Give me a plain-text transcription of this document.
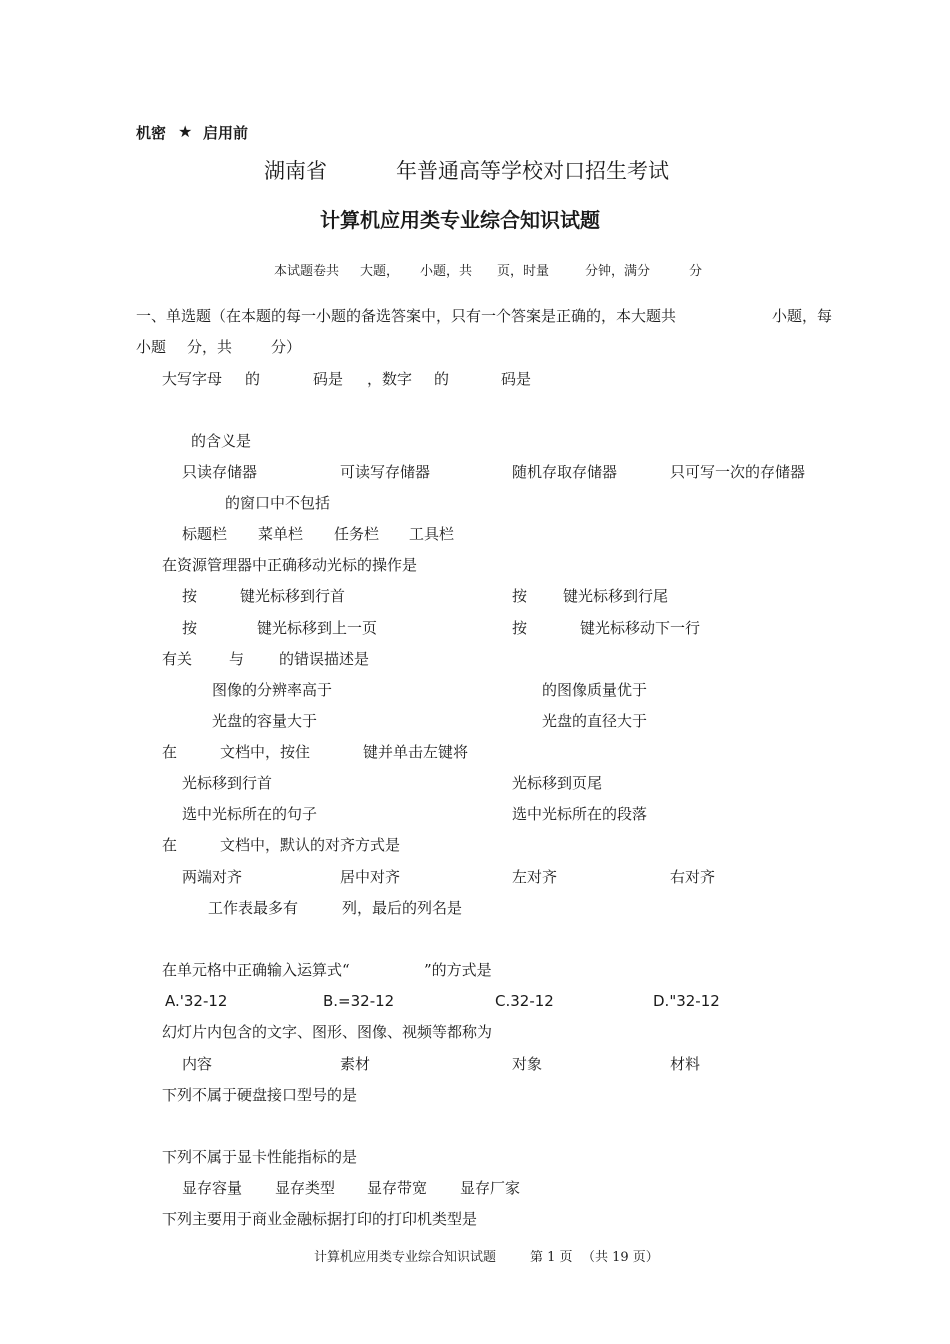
机密 ★ 启用前
湖南省	年普通高等学校对口招生考试
计算机应用类专业综合知识试题
本试题卷共 大题， 小题，共 页，时量	分钟，满分	分
一、单选题（在本题的每一小题的备选答案中，只有一个答案是正确的，本大题共	小题，每
小题 分，共	分）
大写字母 的	码是 ，数字 的	码是
的含义是
只读存储器	可读写存储器	随机存取存储器	只可写一次的存储器
的窗口中不包括
标题栏 菜单栏 任务栏 工具栏
在资源管理器中正确移动光标的操作是
按	键光标移到行首	按 键光标移到行尾
按	键光标移到上一页	按	键光标移动下一行
有关 与 的错误描述是
图像的分辨率高于	的图像质量优于
光盘的容量大于	光盘的直径大于
在	文档中，按住	键并单击左键将
光标移到行首	光标移到页尾
选中光标所在的句子	选中光标所在的段落
在	文档中，默认的对齐方式是
两端对齐	居中对齐	左对齐	右对齐
工作表最多有	列，最后的列名是
在单元格中正确输入运算式“	”的方式是
A.'32-12	B.=32-12	C.32-12	D."32-12
幻灯片内包含的文字、图形、图像、视频等都称为
内容	素材	对象	材料
下列不属于硬盘接口型号的是
下列不属于显卡性能指标的是
显存容量 显存类型 显存带宽 显存厂家
下列主要用于商业金融标据打印的打印机类型是
计算机应用类专业综合知识试题	第 1 页 （共 19 页）
